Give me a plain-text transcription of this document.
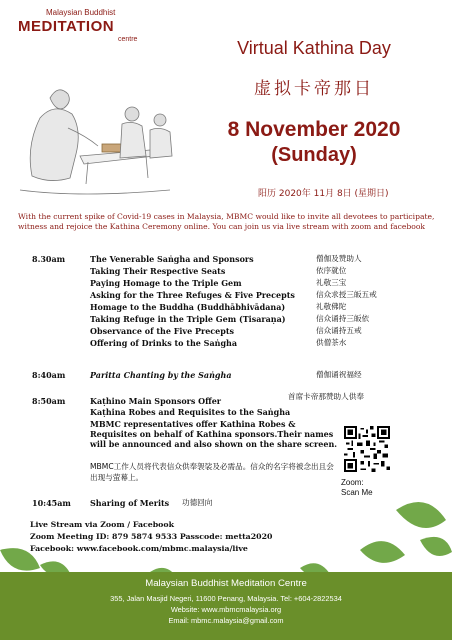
Malaysian Buddhist
MEDITATION
centre	Virtual Kathina Day
虚拟卡帝那日
8 November 2020
(Sunday)
阳历 2020年 11月 8日 (星期日)
With the current spike of Covid-19 cases in Malaysia, MBMC would like to invite all devotees to participate, witness and rejoice the Kathina Ceremony online. You can join us via live stream with zoom and facebook
8.30am	The Venerable Saṅgha and Sponsors	僧伽及赞助人
Taking Their Respective Seats	依序就位
Paying Homage to the Triple Gem	礼敬三宝
Asking for the Three Refuges & Five Precepts	信众求授三皈五戒
Homage to the Buddha (Buddhābhivādana)	礼敬佛陀
Taking Refuge in the Triple Gem (Tisaraṇa)	信众诵持三皈依
Observance of the Five Precepts	信众诵持五戒
Offering of Drinks to the Saṅgha	供僧茶水
8:40am	Paritta Chanting by the Saṅgha	僧伽诵祝福经
8:50am	Kaṭhino Main Sponsors Offer	首席卡帝那赞助人供奉
Kaṭhina Robes and Requisites to the Saṅgha
MBMC representatives offer Kathina Robes & Requisites on behalf of Kathina sponsors.Their names will be announced and also shown on the share screen.
MBMC工作人员将代表信众供奉袈裟及必需品。信众的名字将被念出且会出现与萤幕上。
Zoom:
Scan Me
10:45am Sharing of Merits 功德回向
Live Stream via Zoom / Facebook
Zoom Meeting ID: 879 5874 9533 Passcode: metta2020
Facebook: www.facebook.com/mbmc.malaysia/live
Malaysian Buddhist Meditation Centre
355, Jalan Masjid Negeri, 11600 Penang, Malaysia. Tel: +604-2822534
Website: www.mbmcmalaysia.org
Email: mbmc.malaysia@gmail.com
